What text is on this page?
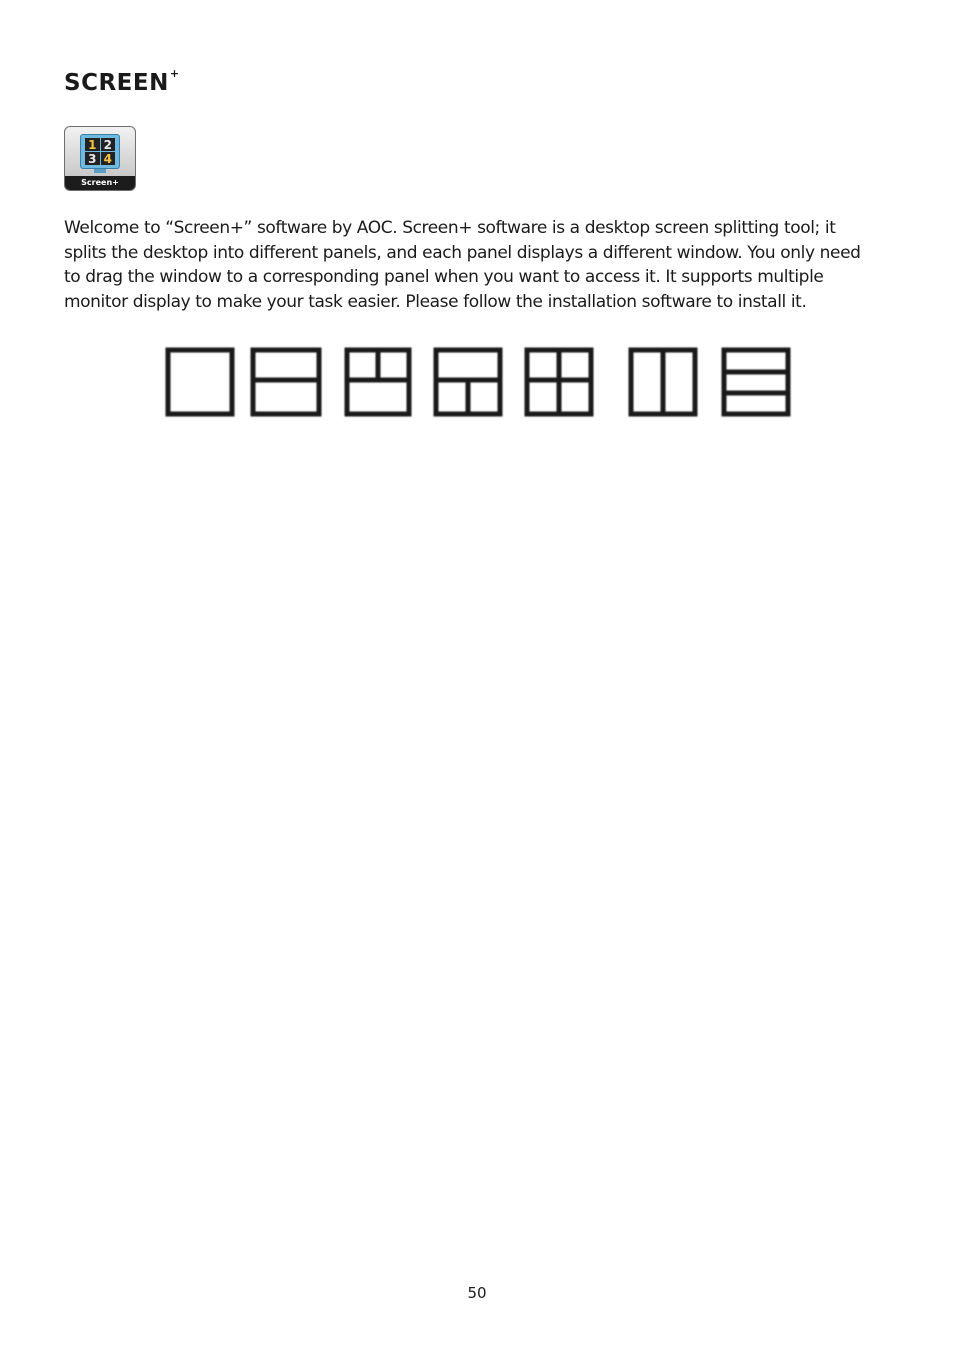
SCREEN+
1 2
3 4
Screen+

Welcome to “Screen+” software by AOC. Screen+ software is a desktop screen splitting tool; it splits the desktop into different panels, and each panel displays a different window. You only need to drag the window to a corresponding panel when you want to access it. It supports multiple monitor display to make your task easier. Please follow the installation software to install it.

50
